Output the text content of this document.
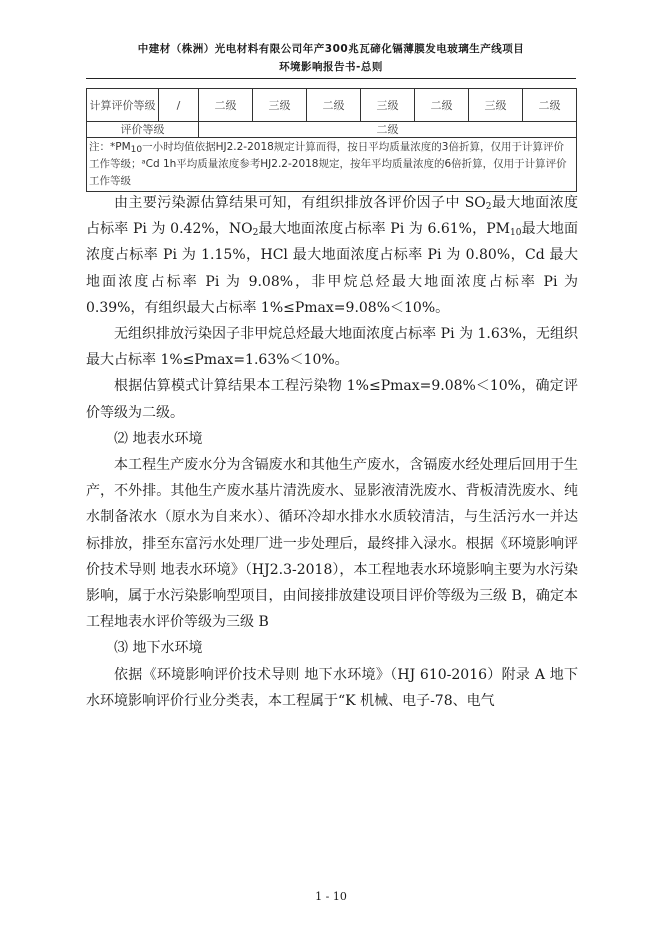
中建材（株洲）光电材料有限公司年产300兆瓦碲化镉薄膜发电玻璃生产线项目
环境影响报告书-总则
计算评价等级	/	二级	三级	二级	三级	二级	三级	二级
评价等级		二级						
注：$*PM_{10}$一小时均值依据HJ2.2-2018规定计算而得，按日平均质量浓度的3倍折算，仅用于计算评价工作等级；ᵃCd 1h平均质量浓度参考HJ2.2-2018规定，按年平均质量浓度的6倍折算，仅用于计算评价工作等级								

由主要污染源估算结果可知，有组织排放各评价因子中 $SO_2$最大地面浓度占标率 Pi 为 0.42%，$NO_2$最大地面浓度占标率 Pi 为 6.61%，$PM_{10}$最大地面浓度占标率 Pi 为 1.15%，HCl 最大地面浓度占标率 Pi 为 0.80%，Cd 最大地面浓度占标率 Pi 为 9.08%，非甲烷总烃最大地面浓度占标率 Pi 为 0.39%，有组织最大占标率 1%≤Pmax=9.08%＜10%。

无组织排放污染因子非甲烷总烃最大地面浓度占标率 Pi 为 1.63%，无组织最大占标率 1%≤Pmax=1.63%＜10%。

根据估算模式计算结果本工程污染物 1%≤Pmax=9.08%＜10%，确定评价等级为二级。

⑵ 地表水环境

本工程生产废水分为含镉废水和其他生产废水，含镉废水经处理后回用于生产，不外排。其他生产废水基片清洗废水、显影液清洗废水、背板清洗废水、纯水制备浓水（原水为自来水）、循环冷却水排水水质较清洁，与生活污水一并达标排放，排至东富污水处理厂进一步处理后，最终排入渌水。根据《环境影响评价技术导则 地表水环境》（HJ2.3-2018），本工程地表水环境影响主要为水污染影响，属于水污染影响型项目，由间接排放建设项目评价等级为三级 B，确定本工程地表水评价等级为三级 B

⑶ 地下水环境

依据《环境影响评价技术导则 地下水环境》（HJ 610-2016）附录 A 地下水环境影响评价行业分类表，本工程属于“K 机械、电子-78、电气

1 - 10
